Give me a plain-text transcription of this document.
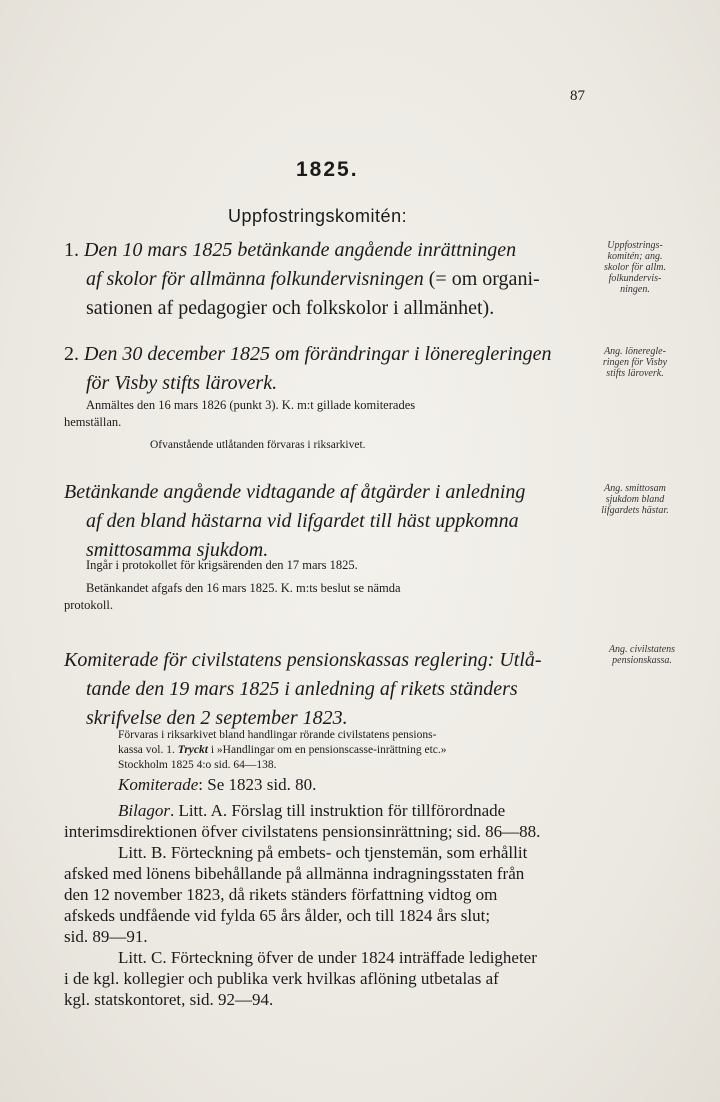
87

1825.

Uppfostringskomitén:

1. Den 10 mars 1825 betänkande angående inrättningen
af skolor för allmänna folkundervisningen (= om organi-
sationen af pedagogier och folkskolor i allmänhet).
Uppfostrings-
komitén; ang.
skolor för allm.
folkundervis-
ningen.
2. Den 30 december 1825 om förändringar i löneregleringen
för Visby stifts läroverk.
Ang. lönereglе-
ringen för Visby
stifts läroverk.
Anmältes den 16 mars 1826 (punkt 3). K. m:t gillade komiterades
hemställan.
Ofvanstående utlåtanden förvaras i riksarkivet.
Betänkande angående vidtagande af åtgärder i anledning
af den bland hästarna vid lifgardet till häst uppkomna
smittosamma sjukdom.
Ang. smittosam
sjukdom bland
lifgardets hästar.
Ingår i protokollet för krigsärenden den 17 mars 1825.
Betänkandet afgafs den 16 mars 1825. K. m:ts beslut se nämda
protokoll.
Komiterade för civilstatens pensionskassas reglering: Utlå-
tande den 19 mars 1825 i anledning af rikets ständers
skrifvelse den 2 september 1823.
Ang. civilstatens
pensionskassa.
Förvaras i riksarkivet bland handlingar rörande civilstatens pensions-
kassa vol. 1. Tryckt i »Handlingar om en pensionscasse-inrättning etc.»
Stockholm 1825 4:o sid. 64—138.
Komiterade: Se 1823 sid. 80.
Bilagor. Litt. A. Förslag till instruktion för tillförordnade
interimsdirektionen öfver civilstatens pensionsinrättning; sid. 86—88.
Litt. B. Förteckning på embets- och tjenstemän, som erhållit
afsked med lönens bibehållande på allmänna indragningsstaten från
den 12 november 1823, då rikets ständers författning vidtog om
afskeds undfående vid fylda 65 års ålder, och till 1824 års slut;
sid. 89—91.
Litt. C. Förteckning öfver de under 1824 inträffade ledigheter
i de kgl. kollegier och publika verk hvilkas aflöning utbetalas af
kgl. statskontoret, sid. 92—94.
